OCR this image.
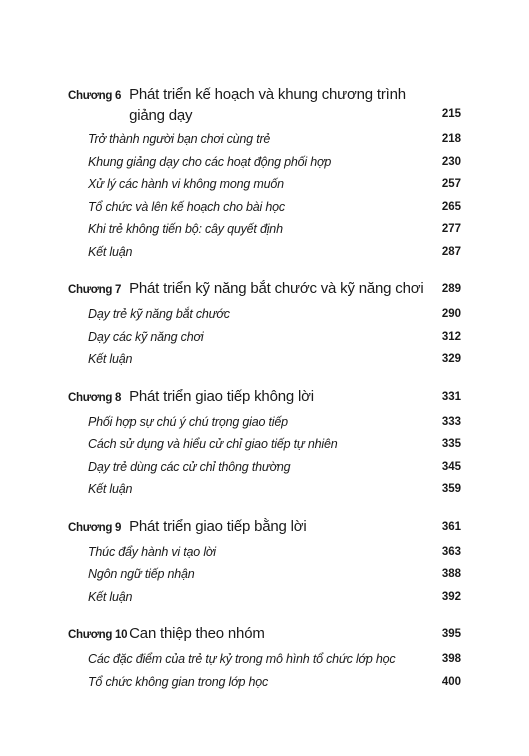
Chương 6 Phát triển kế hoạch và khung chương trình giảng dạy	215
Trở thành người bạn chơi cùng trẻ	218
Khung giảng dạy cho các hoạt động phối hợp	230
Xử lý các hành vi không mong muốn	257
Tổ chức và lên kế hoạch cho bài học	265
Khi trẻ không tiến bộ: cây quyết định	277
Kết luận	287
Chương 7 Phát triển kỹ năng bắt chước và kỹ năng chơi	289
Dạy trẻ kỹ năng bắt chước	290
Dạy các kỹ năng chơi	312
Kết luận	329
Chương 8 Phát triển giao tiếp không lời	331
Phối hợp sự chú ý chú trọng giao tiếp	333
Cách sử dụng và hiểu cử chỉ giao tiếp tự nhiên	335
Dạy trẻ dùng các cử chỉ thông thường	345
Kết luận	359
Chương 9 Phát triển giao tiếp bằng lời	361
Thúc đẩy hành vi tạo lời	363
Ngôn ngữ tiếp nhận	388
Kết luận	392
Chương 10 Can thiệp theo nhóm	395
Các đặc điểm của trẻ tự kỷ trong mô hình tổ chức lớp học	398
Tổ chức không gian trong lớp học	400
